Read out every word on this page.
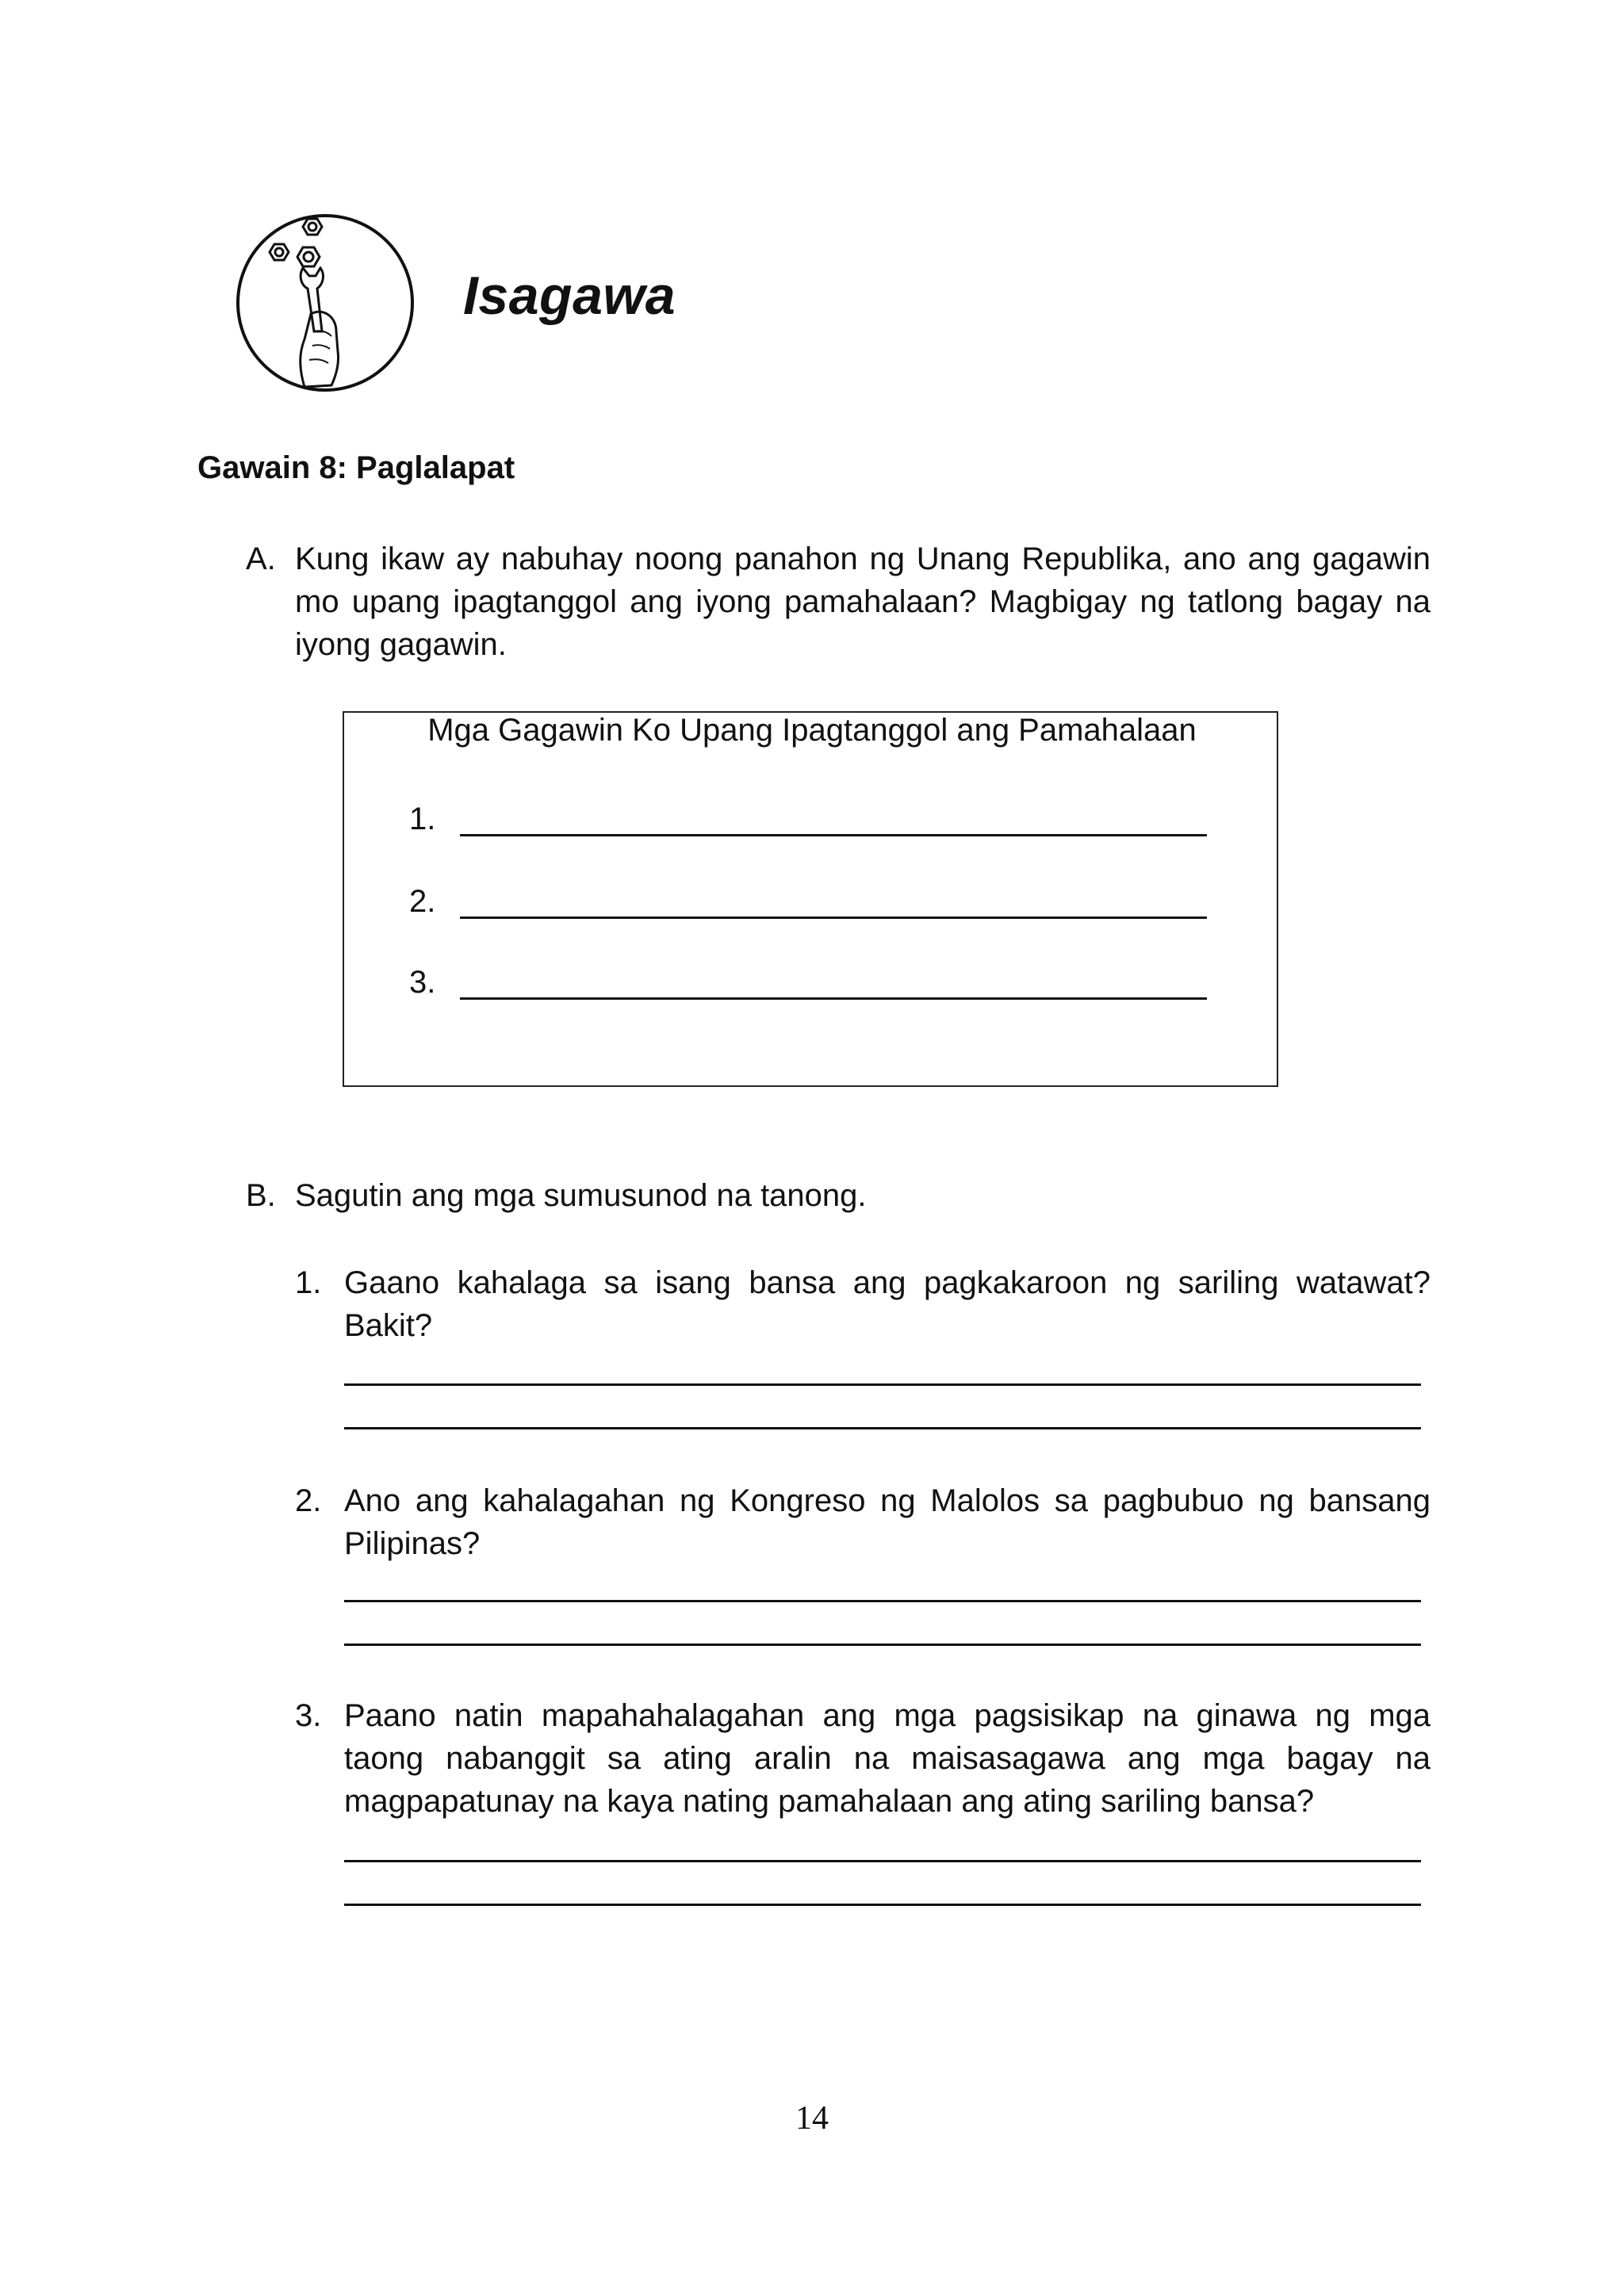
Isagawa
Gawain 8: Paglalapat
A. Kung ikaw ay nabuhay noong panahon ng Unang Republika, ano ang gagawin mo upang ipagtanggol ang iyong pamahalaan? Magbigay ng tatlong bagay na iyong gagawin.
Mga Gagawin Ko Upang Ipagtanggol ang Pamahalaan
1.
2.
3.
B. Sagutin ang mga sumusunod na tanong.
1. Gaano kahalaga sa isang bansa ang pagkakaroon ng sariling watawat? Bakit?
2. Ano ang kahalagahan ng Kongreso ng Malolos sa pagbubuo ng bansang Pilipinas?
3. Paano natin mapahahalagahan ang mga pagsisikap na ginawa ng mga taong nabanggit sa ating aralin na maisasagawa ang mga bagay na magpapatunay na kaya nating pamahalaan ang ating sariling bansa?
14
